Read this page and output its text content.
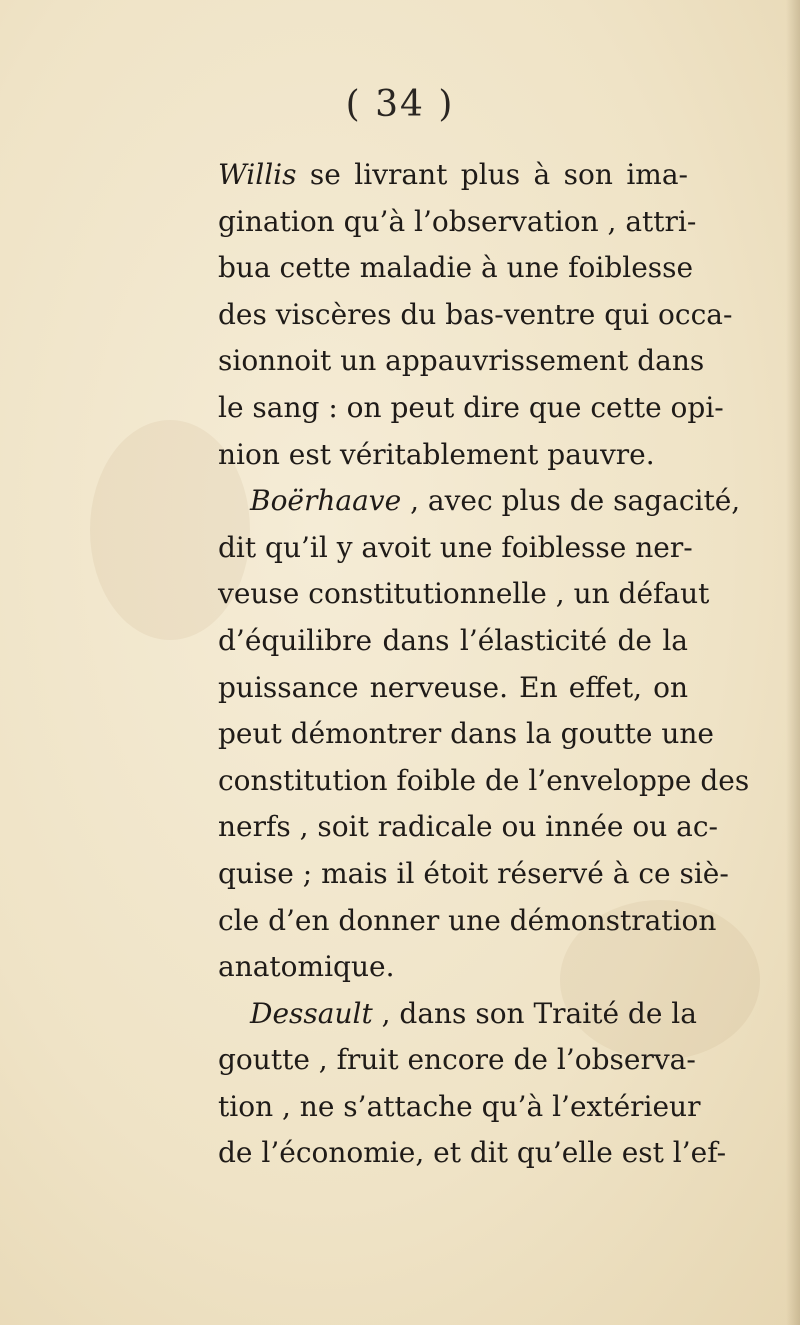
( 34 )
Willis se livrant plus à son ima-
gination qu’à l’observation , attri-
bua cette maladie à une foiblesse
des viscères du bas-ventre qui occa-
sionnoit un appauvrissement dans
le sang : on peut dire que cette opi-
nion est véritablement pauvre.
Boërhaave , avec plus de sagacité,
dit qu’il y avoit une foiblesse ner-
veuse constitutionnelle , un défaut
d’équilibre dans l’élasticité de la
puissance nerveuse. En effet, on
peut démontrer dans la goutte une
constitution foible de l’enveloppe des
nerfs , soit radicale ou innée ou ac-
quise ; mais il étoit réservé à ce siè-
cle d’en donner une démonstration
anatomique.
Dessault , dans son Traité de la
goutte , fruit encore de l’observa-
tion , ne s’attache qu’à l’extérieur
de l’économie, et dit qu’elle est l’ef-
